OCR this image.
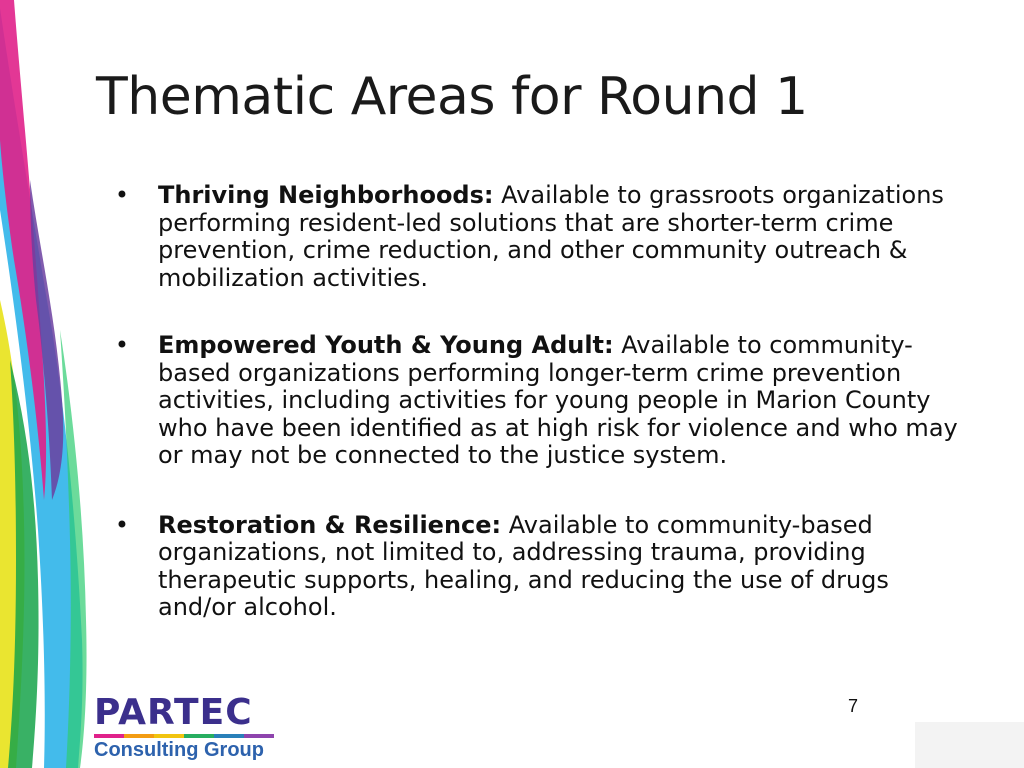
Thematic Areas for Round 1
• Thriving Neighborhoods: Available to grassroots organizations performing resident-led solutions that are shorter-term crime prevention, crime reduction, and other community outreach & mobilization activities.
• Empowered Youth & Young Adult: Available to community-based organizations performing longer-term crime prevention activities, including activities for young people in Marion County who have been identified as at high risk for violence and who may or may not be connected to the justice system.
• Restoration & Resilience: Available to community-based organizations, not limited to, addressing trauma, providing therapeutic supports, healing, and reducing the use of drugs and/or alcohol.
PARTEC
Consulting Group
7
